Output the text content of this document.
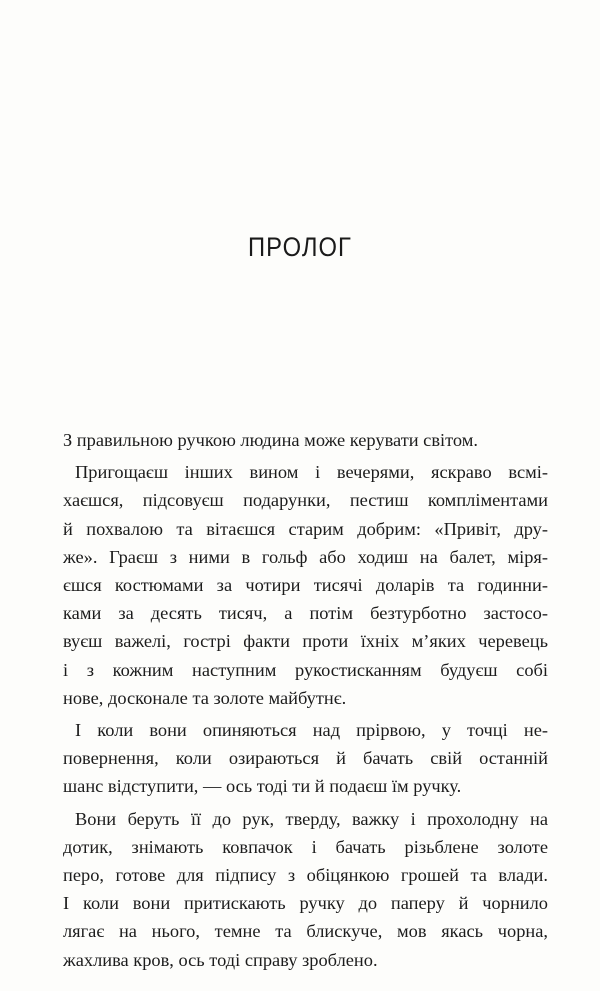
ПРОЛОГ
З правильною ручкою людина може керувати світом.
Пригощаєш інших вином і вечерями, яскраво всмі-
хаєшся, підсовуєш подарунки, пестиш компліментами
й похвалою та вітаєшся старим добрим: «Привіт, дру-
же». Граєш з ними в гольф або ходиш на балет, міря-
єшся костюмами за чотири тисячі доларів та годинни-
ками за десять тисяч, а потім безтурботно застосо-
вуєш важелі, гострі факти проти їхніх м’яких черевець
і з кожним наступним рукостисканням будуєш собі
нове, досконале та золоте майбутнє.
І коли вони опиняються над прірвою, у точці не-
повернення, коли озираються й бачать свій останній
шанс відступити, — ось тоді ти й подаєш їм ручку.
Вони беруть її до рук, тверду, важку і прохолодну на
дотик, знімають ковпачок і бачать різьблене золоте
перо, готове для підпису з обіцянкою грошей та влади.
І коли вони притискають ручку до паперу й чорнило
лягає на нього, темне та блискуче, мов якась чорна,
жахлива кров, ось тоді справу зроблено.
